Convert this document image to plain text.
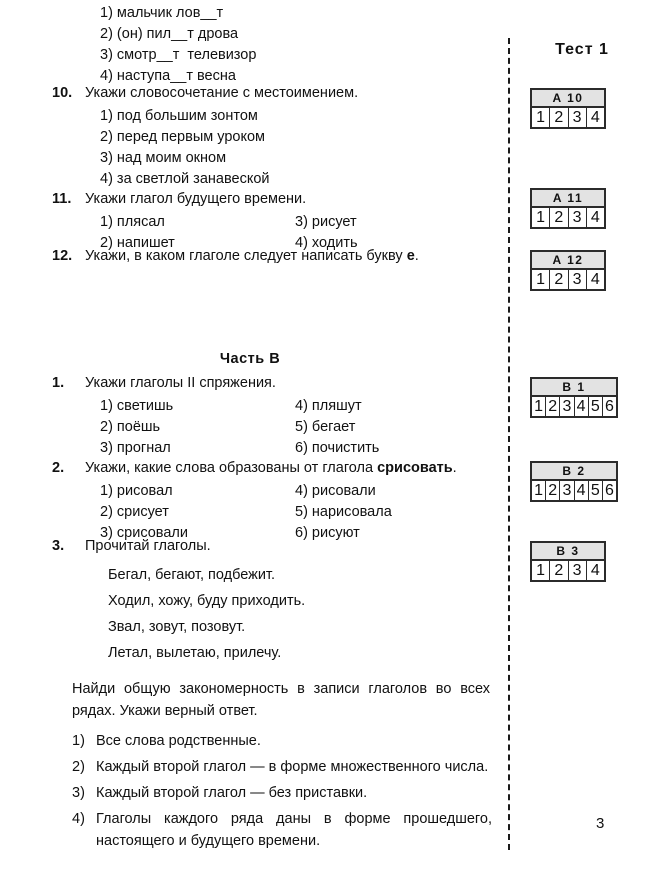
Тест 1
10. Укажи словосочетание с местоимением.
1) под большим зонтом
2) перед первым уроком
3) над моим окном
4) за светлой занавеской
11. Укажи глагол будущего времени.
1) плясал
2) напишет
3) рисует
4) ходить
12. Укажи, в каком глаголе следует написать букву е.
1) мальчик лов__т
2) (он) пил__т дрова
3) смотр__т  телевизор
4) наступа__т весна
Часть В
1. Укажи глаголы II спряжения.
1) светишь
2) поёшь
3) прогнал
4) пляшут
5) бегает
6) почистить
2. Укажи, какие слова образованы от глагола срисовать.
1) рисовал
2) срисует
3) срисовали
4) рисовали
5) нарисовала
6) рисуют
3. Прочитай глаголы.
Бегал, бегают, подбежит.
Ходил, хожу, буду приходить.
Звал, зовут, позовут.
Летал, вылетаю, прилечу.
Найди общую закономерность в записи глаголов во всех рядах. Укажи верный ответ.
1) Все слова родственные.
2) Каждый второй глагол — в форме множественного числа.
3) Каждый второй глагол — без приставки.
4) Глаголы каждого ряда даны в форме прошедшего, настоящего и будущего времени.
A 10
1 2 3 4
A 11
1 2 3 4
A 12
1 2 3 4
B 1
1 2 3 4 5 6
B 2
1 2 3 4 5 6
B 3
1 2 3 4
3
